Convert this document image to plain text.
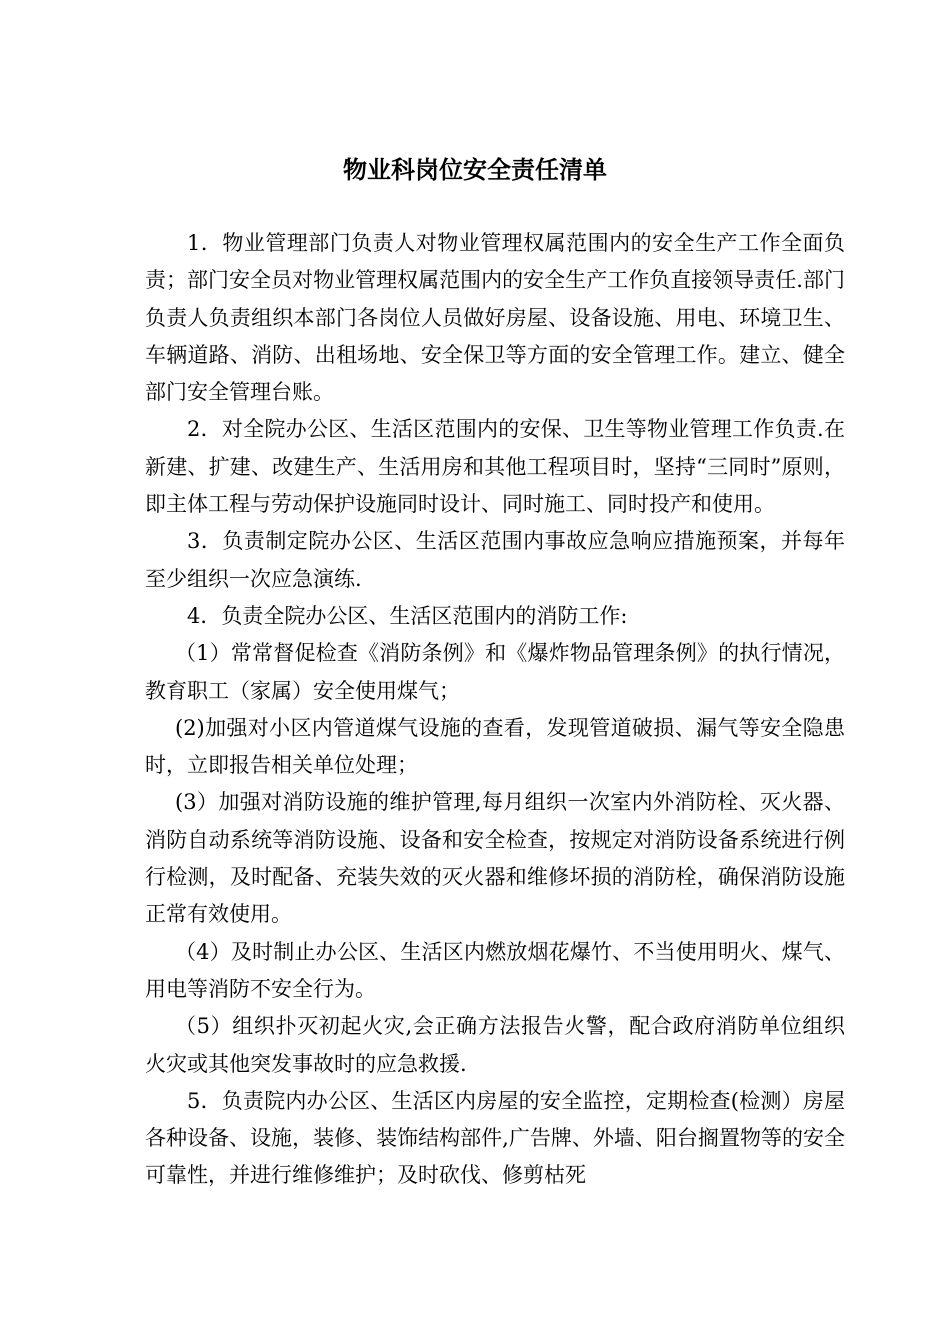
物业科岗位安全责任清单

1．物业管理部门负责人对物业管理权属范围内的安全生产工作全面负责；部门安全员对物业管理权属范围内的安全生产工作负直接领导责任.部门负责人负责组织本部门各岗位人员做好房屋、设备设施、用电、环境卫生、车辆道路、消防、出租场地、安全保卫等方面的安全管理工作。建立、健全部门安全管理台账。

2．对全院办公区、生活区范围内的安保、卫生等物业管理工作负责.在新建、扩建、改建生产、生活用房和其他工程项目时，坚持“三同时”原则，即主体工程与劳动保护设施同时设计、同时施工、同时投产和使用。

3．负责制定院办公区、生活区范围内事故应急响应措施预案，并每年至少组织一次应急演练.

4．负责全院办公区、生活区范围内的消防工作:

（1）常常督促检查《消防条例》和《爆炸物品管理条例》的执行情况，教育职工（家属）安全使用煤气；

(2)加强对小区内管道煤气设施的查看，发现管道破损、漏气等安全隐患时，立即报告相关单位处理；

(3）加强对消防设施的维护管理,每月组织一次室内外消防栓、灭火器、消防自动系统等消防设施、设备和安全检查，按规定对消防设备系统进行例行检测，及时配备、充装失效的灭火器和维修坏损的消防栓，确保消防设施正常有效使用。

（4）及时制止办公区、生活区内燃放烟花爆竹、不当使用明火、煤气、用电等消防不安全行为。

（5）组织扑灭初起火灾,会正确方法报告火警，配合政府消防单位组织火灾或其他突发事故时的应急救援.

5．负责院内办公区、生活区内房屋的安全监控，定期检查(检测）房屋各种设备、设施，装修、装饰结构部件,广告牌、外墙、阳台搁置物等的安全可靠性，并进行维修维护；及时砍伐、修剪枯死
